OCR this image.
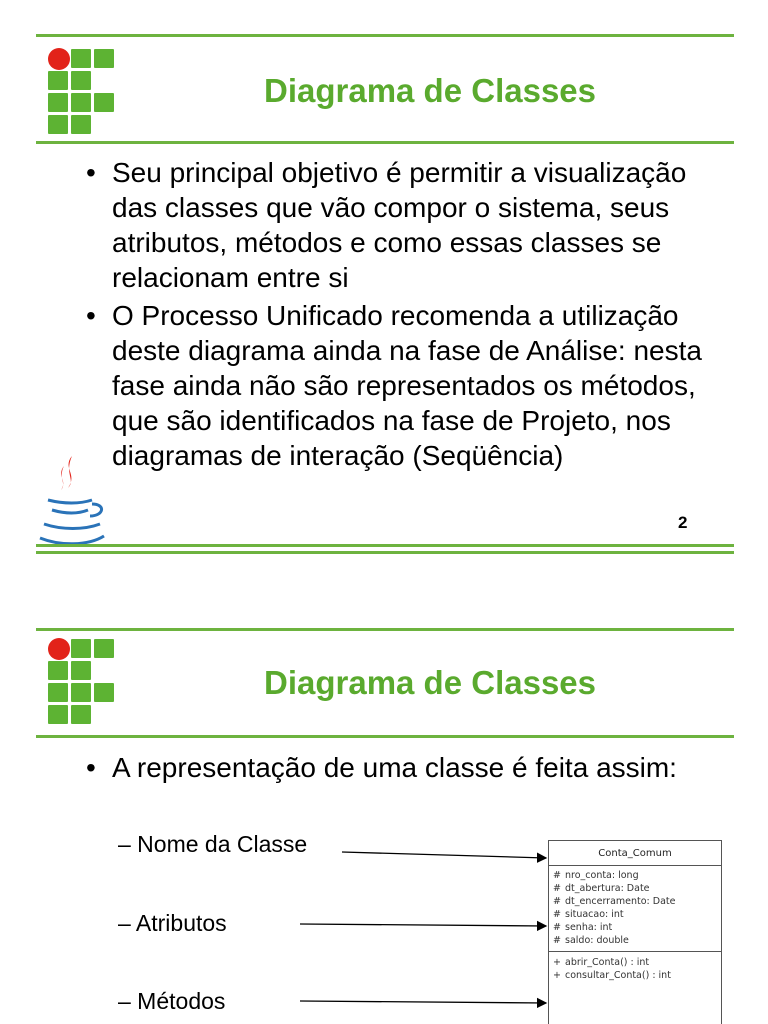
Diagrama de Classes
• Seu principal objetivo é permitir a visualização das classes que vão compor o sistema, seus atributos, métodos e como essas classes se relacionam entre si
• O Processo Unificado recomenda a utilização deste diagrama ainda na fase de Análise: nesta fase ainda não são representados os métodos, que são identificados na fase de Projeto, nos diagramas de interação (Seqüência)
2
Diagrama de Classes
• A representação de uma classe é feita assim:
– Nome da Classe
– Atributos
– Métodos
Conta_Comum
# nro_conta: long
# dt_abertura: Date
# dt_encerramento: Date
# situacao: int
# senha: int
# saldo: double
+ abrir_Conta() : int
+ consultar_Conta() : int
